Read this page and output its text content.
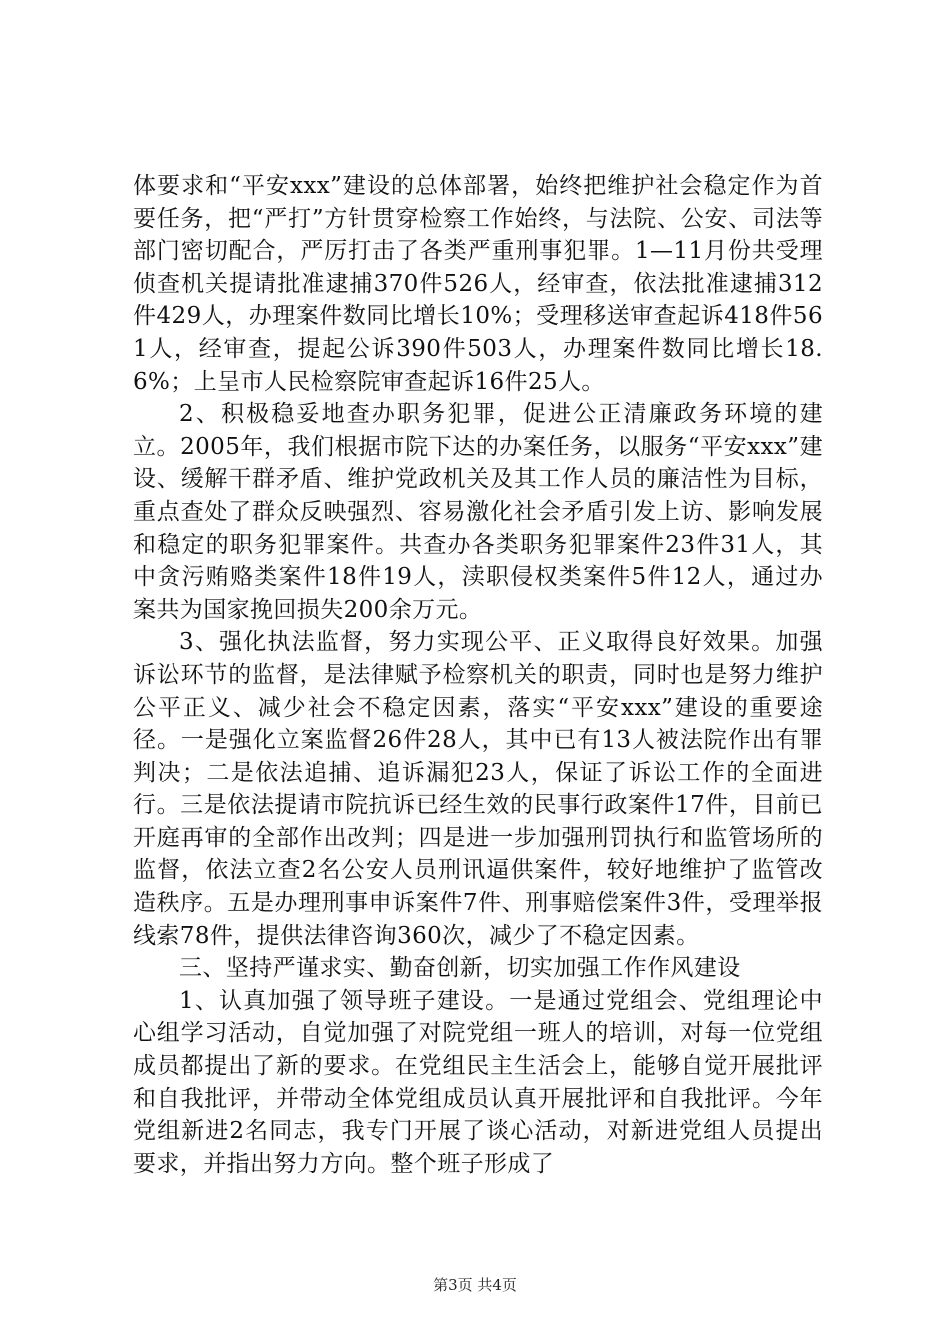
体要求和“平安xxx”建设的总体部署，始终把维护社会稳定作为首要任务，把“严打”方针贯穿检察工作始终，与法院、公安、司法等部门密切配合，严厉打击了各类严重刑事犯罪。1—11月份共受理侦查机关提请批准逮捕370件526人，经审查，依法批准逮捕312件429人，办理案件数同比增长10%；受理移送审查起诉418件561人，经审查，提起公诉390件503人，办理案件数同比增长18.6%；上呈市人民检察院审查起诉16件25人。

2、积极稳妥地查办职务犯罪，促进公正清廉政务环境的建立。2005年，我们根据市院下达的办案任务，以服务“平安xxx”建设、缓解干群矛盾、维护党政机关及其工作人员的廉洁性为目标，重点查处了群众反映强烈、容易激化社会矛盾引发上访、影响发展和稳定的职务犯罪案件。共查办各类职务犯罪案件23件31人，其中贪污贿赂类案件18件19人，渎职侵权类案件5件12人，通过办案共为国家挽回损失200余万元。

3、强化执法监督，努力实现公平、正义取得良好效果。加强诉讼环节的监督，是法律赋予检察机关的职责，同时也是努力维护公平正义、减少社会不稳定因素，落实“平安xxx”建设的重要途径。一是强化立案监督26件28人，其中已有13人被法院作出有罪判决；二是依法追捕、追诉漏犯23人，保证了诉讼工作的全面进行。三是依法提请市院抗诉已经生效的民事行政案件17件，目前已开庭再审的全部作出改判；四是进一步加强刑罚执行和监管场所的监督，依法立查2名公安人员刑讯逼供案件，较好地维护了监管改造秩序。五是办理刑事申诉案件7件、刑事赔偿案件3件，受理举报线索78件，提供法律咨询360次，减少了不稳定因素。

三、坚持严谨求实、勤奋创新，切实加强工作作风建设

1、认真加强了领导班子建设。一是通过党组会、党组理论中心组学习活动，自觉加强了对院党组一班人的培训，对每一位党组成员都提出了新的要求。在党组民主生活会上，能够自觉开展批评和自我批评，并带动全体党组成员认真开展批评和自我批评。今年党组新进2名同志，我专门开展了谈心活动，对新进党组人员提出要求，并指出努力方向。整个班子形成了

第3页 共4页
